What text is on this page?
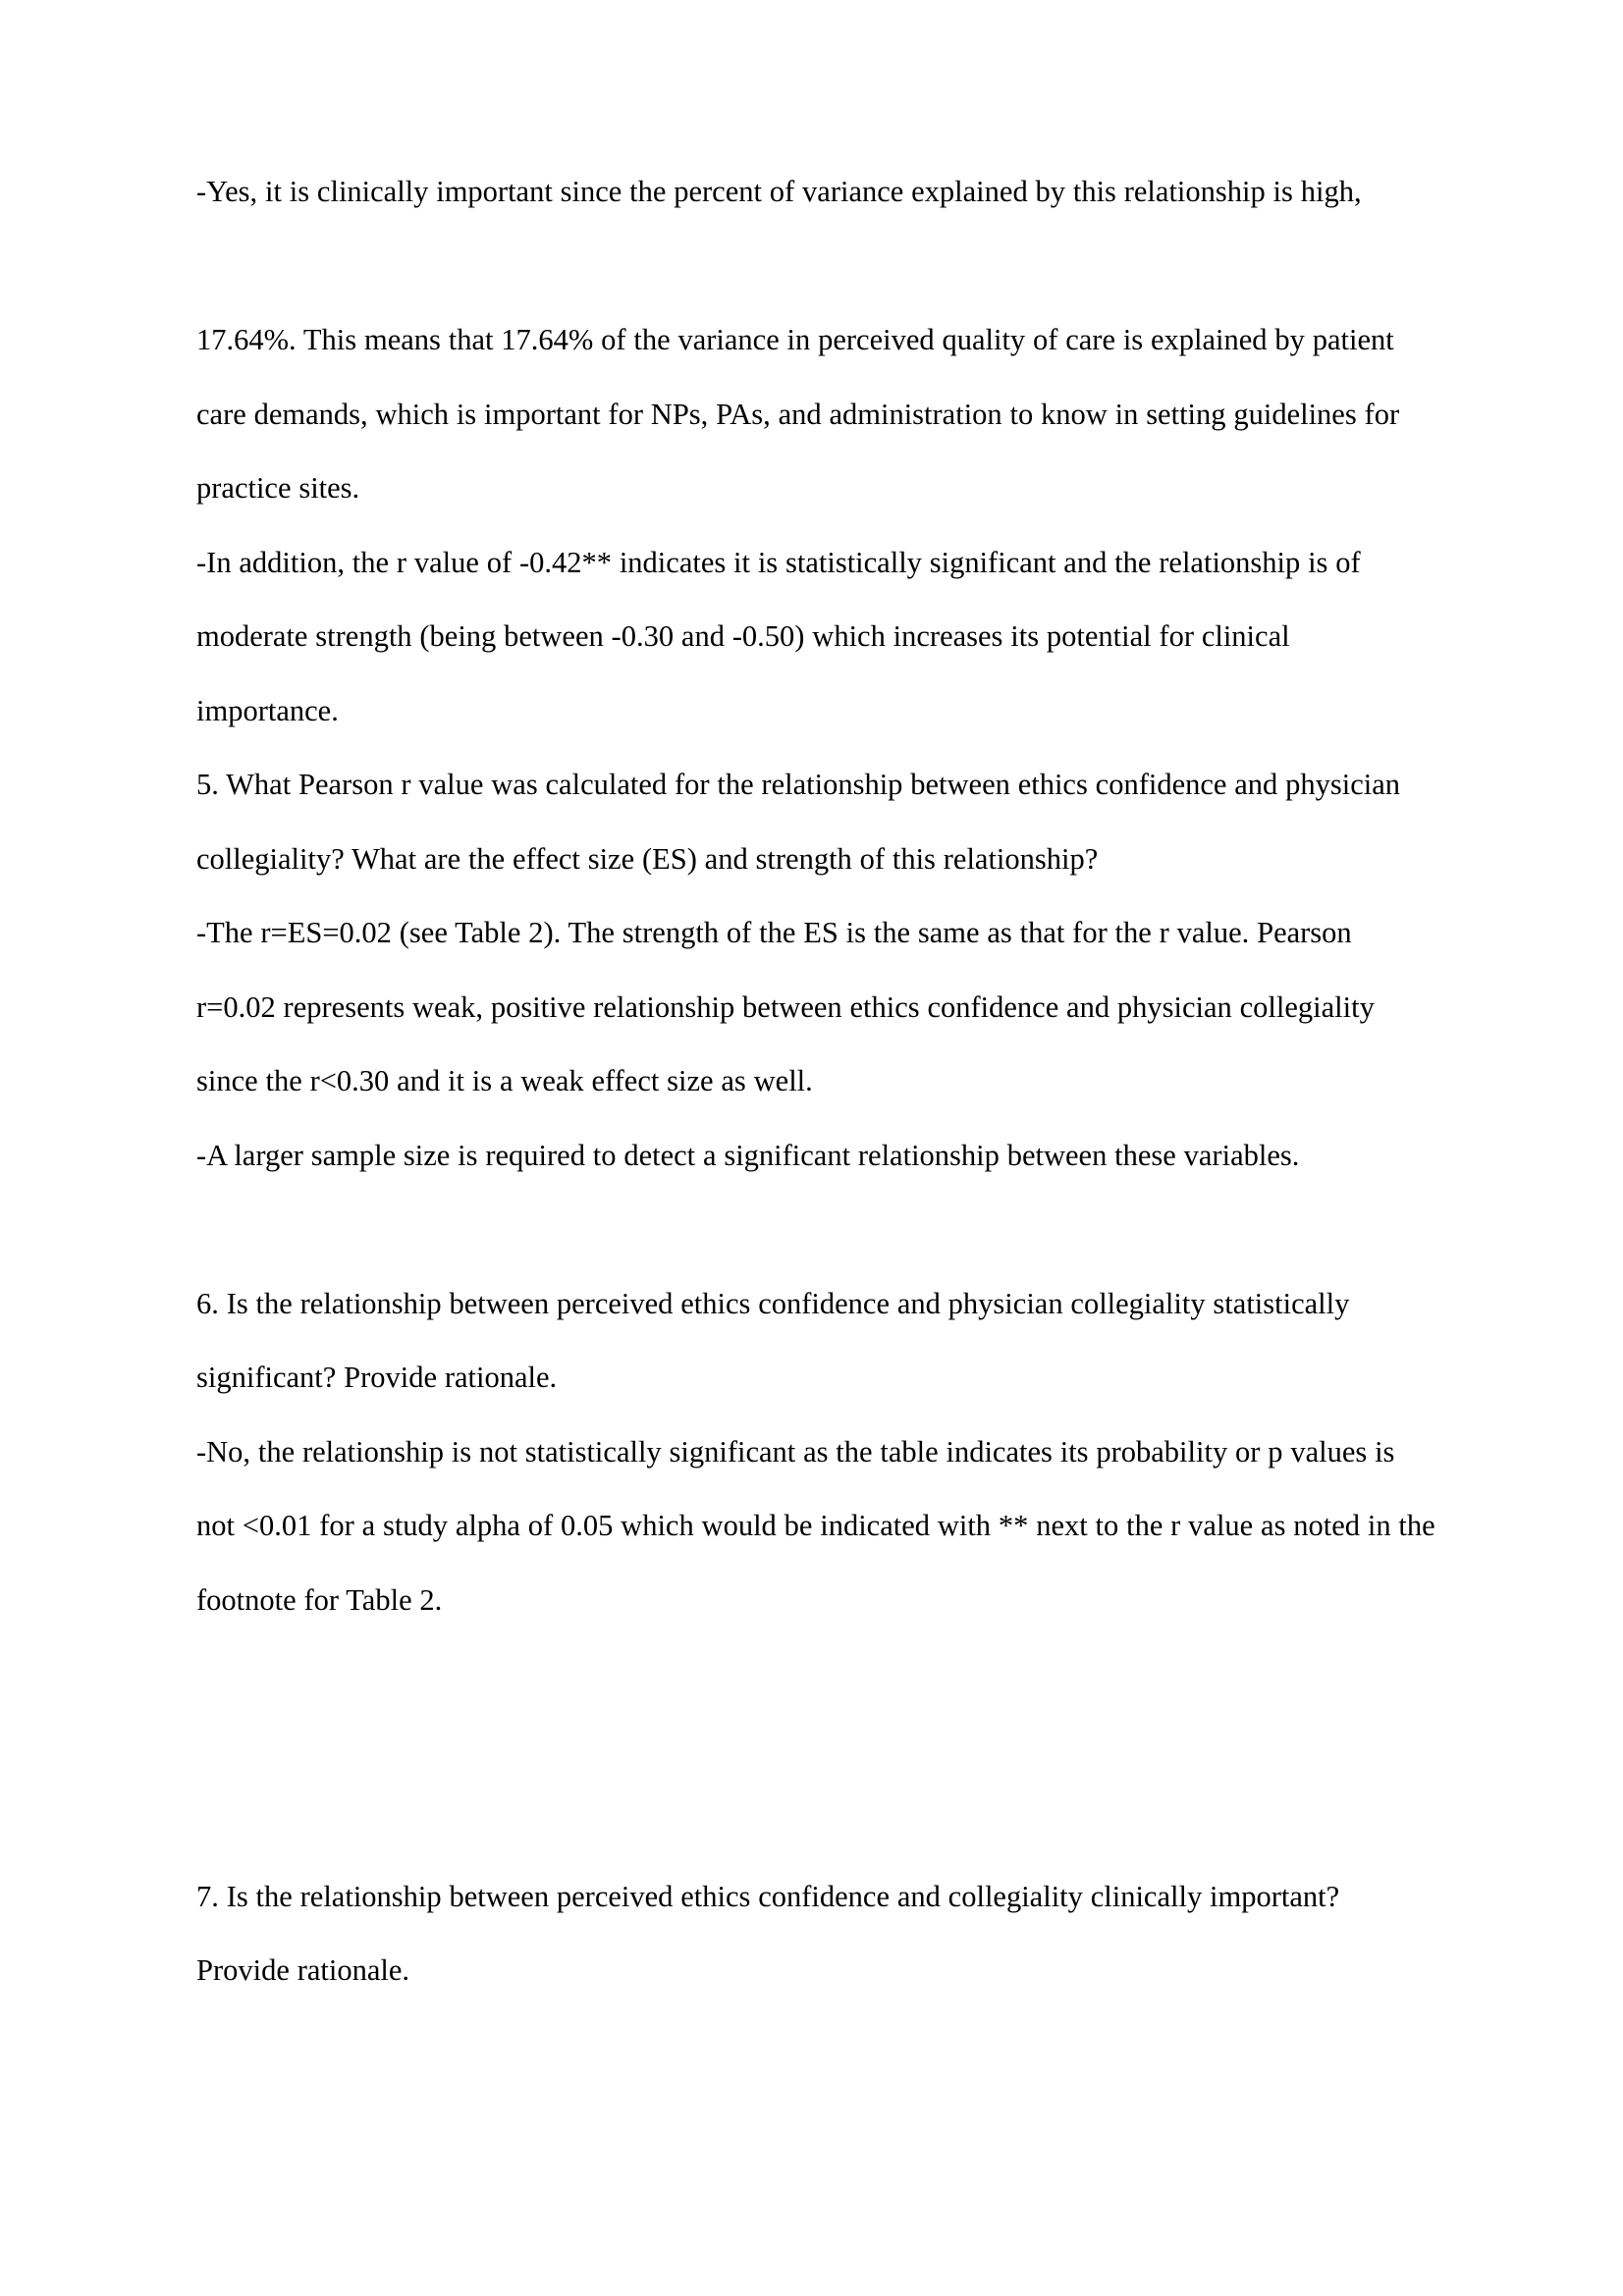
-Yes, it is clinically important since the percent of variance explained by this relationship is high,

17.64%. This means that 17.64% of the variance in perceived quality of care is explained by patient care demands, which is important for NPs, PAs, and administration to know in setting guidelines for practice sites.

-In addition, the r value of -0.42** indicates it is statistically significant and the relationship is of moderate strength (being between -0.30 and -0.50) which increases its potential for clinical importance.

5. What Pearson r value was calculated for the relationship between ethics confidence and physician collegiality? What are the effect size (ES) and strength of this relationship?

-The r=ES=0.02 (see Table 2). The strength of the ES is the same as that for the r value. Pearson r=0.02 represents weak, positive relationship between ethics confidence and physician collegiality since the r<0.30 and it is a weak effect size as well.

-A larger sample size is required to detect a significant relationship between these variables.

6. Is the relationship between perceived ethics confidence and physician collegiality statistically significant? Provide rationale.

-No, the relationship is not statistically significant as the table indicates its probability or p values is not <0.01 for a study alpha of 0.05 which would be indicated with ** next to the r value as noted in the footnote for Table 2.

7. Is the relationship between perceived ethics confidence and collegiality clinically important? Provide rationale.
